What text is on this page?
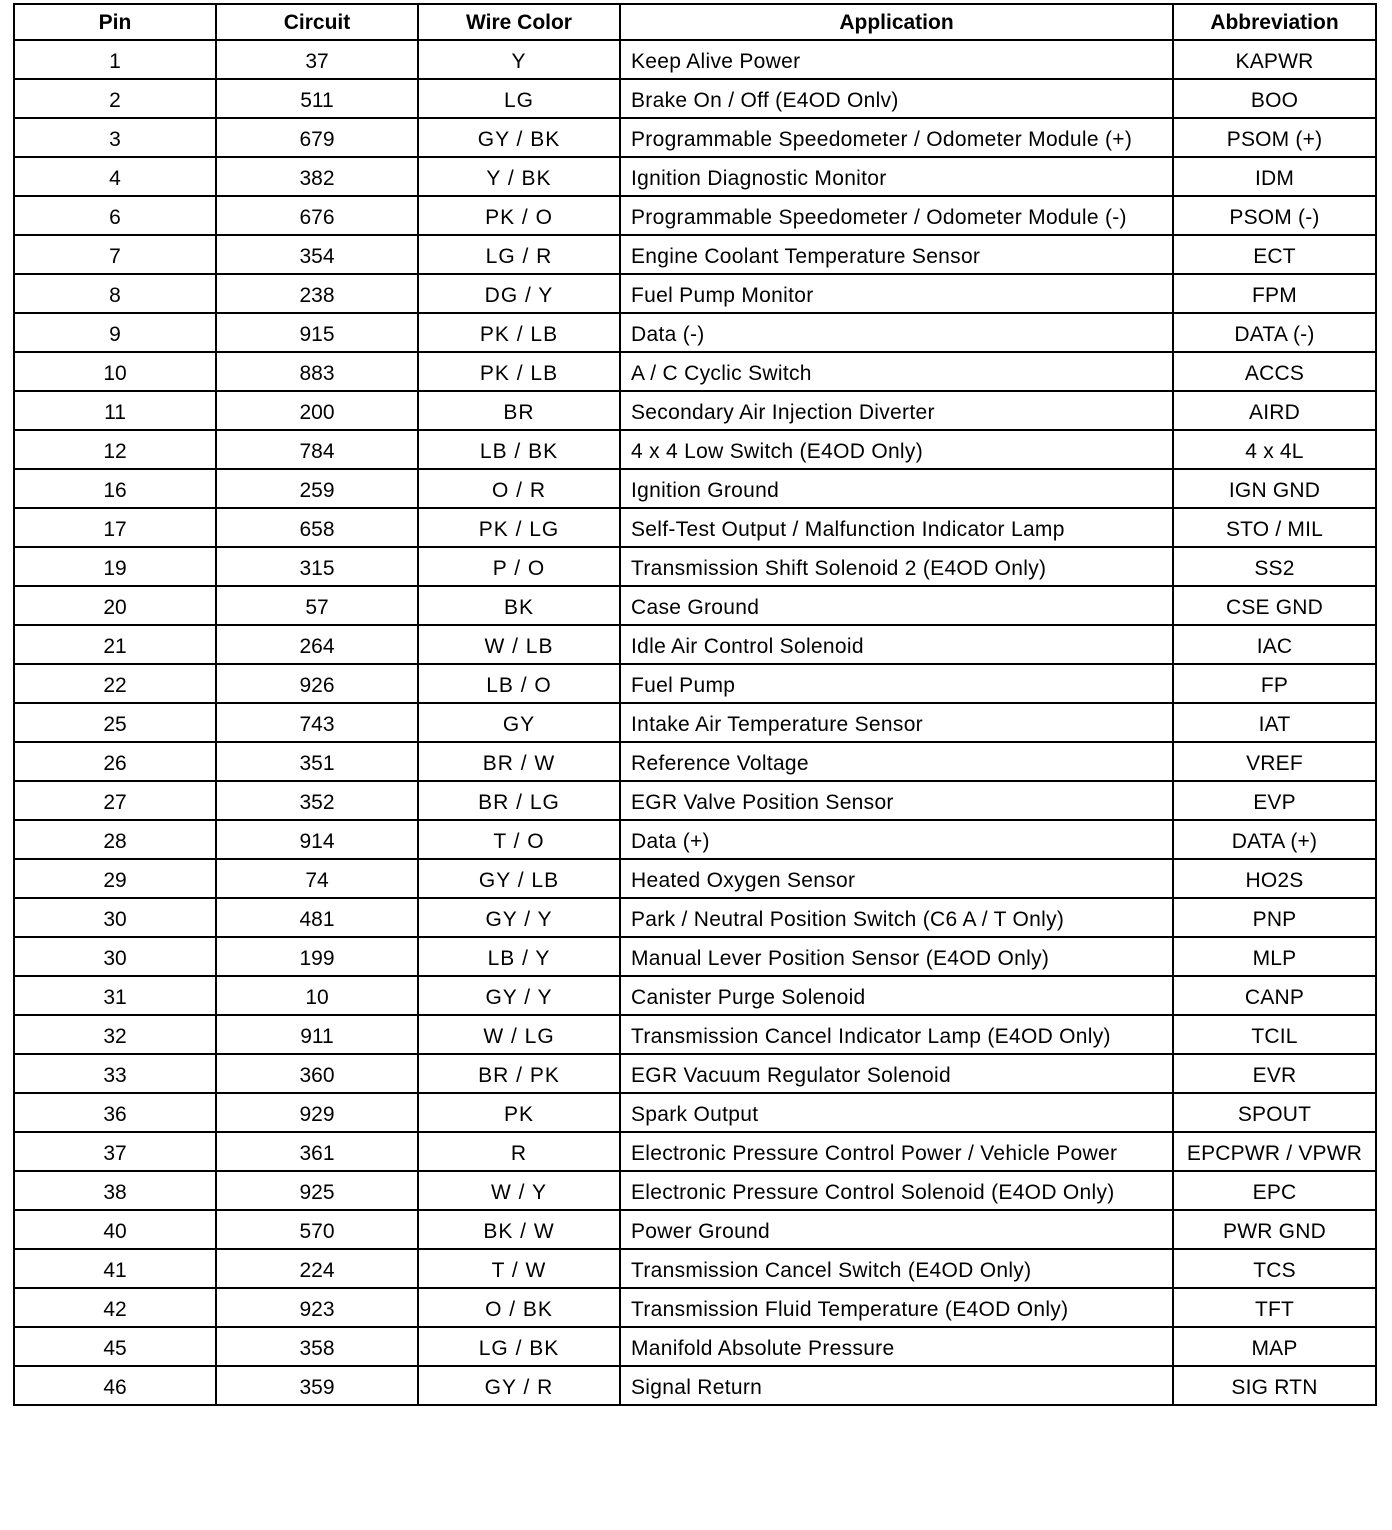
Pin	Circuit	Wire Color	Application	Abbreviation
1	37	Y	Keep Alive Power	KAPWR
2	511	LG	Brake On / Off (E4OD Onlv)	BOO
3	679	GY / BK	Programmable Speedometer / Odometer Module (+)	PSOM (+)
4	382	Y / BK	Ignition Diagnostic Monitor	IDM
6	676	PK / O	Programmable Speedometer / Odometer Module (-)	PSOM (-)
7	354	LG / R	Engine Coolant Temperature Sensor	ECT
8	238	DG / Y	Fuel Pump Monitor	FPM
9	915	PK / LB	Data (-)	DATA (-)
10	883	PK / LB	A / C Cyclic Switch	ACCS
11	200	BR	Secondary Air Injection Diverter	AIRD
12	784	LB / BK	4 x 4 Low Switch (E4OD Only)	4 x 4L
16	259	O / R	Ignition Ground	IGN GND
17	658	PK / LG	Self-Test Output / Malfunction Indicator Lamp	STO / MIL
19	315	P / O	Transmission Shift Solenoid 2 (E4OD Only)	SS2
20	57	BK	Case Ground	CSE GND
21	264	W / LB	Idle Air Control Solenoid	IAC
22	926	LB / O	Fuel Pump	FP
25	743	GY	Intake Air Temperature Sensor	IAT
26	351	BR / W	Reference Voltage	VREF
27	352	BR / LG	EGR Valve Position Sensor	EVP
28	914	T / O	Data (+)	DATA (+)
29	74	GY / LB	Heated Oxygen Sensor	HO2S
30	481	GY / Y	Park / Neutral Position Switch (C6 A / T Only)	PNP
30	199	LB / Y	Manual Lever Position Sensor (E4OD Only)	MLP
31	10	GY / Y	Canister Purge Solenoid	CANP
32	911	W / LG	Transmission Cancel Indicator Lamp (E4OD Only)	TCIL
33	360	BR / PK	EGR Vacuum Regulator Solenoid	EVR
36	929	PK	Spark Output	SPOUT
37	361	R	Electronic Pressure Control Power / Vehicle Power	EPCPWR / VPWR
38	925	W / Y	Electronic Pressure Control Solenoid (E4OD Only)	EPC
40	570	BK / W	Power Ground	PWR GND
41	224	T / W	Transmission Cancel Switch (E4OD Only)	TCS
42	923	O / BK	Transmission Fluid Temperature (E4OD Only)	TFT
45	358	LG / BK	Manifold Absolute Pressure	MAP
46	359	GY / R	Signal Return	SIG RTN
